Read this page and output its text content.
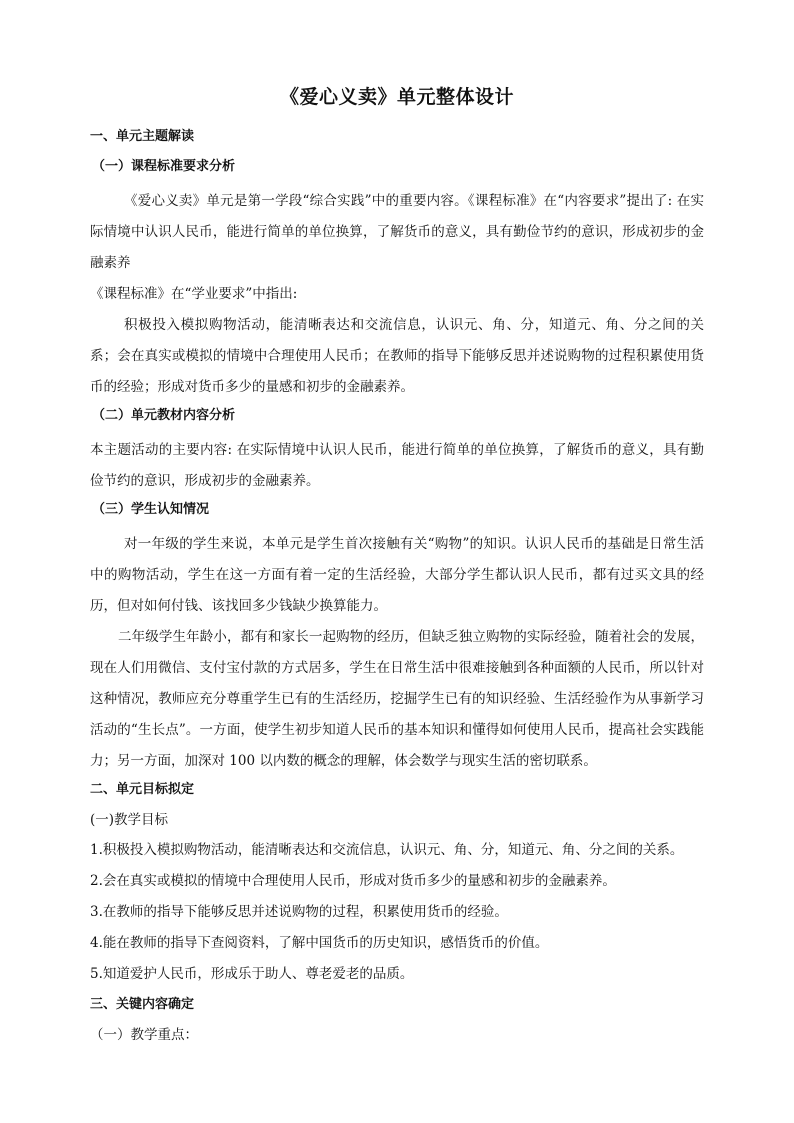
《爱心义卖》单元整体设计
一、单元主题解读
（一）课程标准要求分析

《爱心义卖》单元是第一学段“综合实践”中的重要内容。《课程标准》在“内容要求”提出了: 在实际情境中认识人民币，能进行简单的单位换算，了解货币的意义，具有勤俭节约的意识，形成初步的金融素养

《课程标准》在“学业要求”中指出:

积极投入模拟购物活动，能清晰表达和交流信息，认识元、角、分，知道元、角、分之间的关系；会在真实或模拟的情境中合理使用人民币；在教师的指导下能够反思并述说购物的过程积累使用货币的经验；形成对货币多少的量感和初步的金融素养。

（二）单元教材内容分析

本主题活动的主要内容: 在实际情境中认识人民币，能进行简单的单位换算，了解货币的意义，具有勤俭节约的意识，形成初步的金融素养。

（三）学生认知情况

对一年级的学生来说，本单元是学生首次接触有关“购物”的知识。认识人民币的基础是日常生活中的购物活动，学生在这一方面有着一定的生活经验，大部分学生都认识人民币，都有过买文具的经历，但对如何付钱、该找回多少钱缺少换算能力。

二年级学生年龄小，都有和家长一起购物的经历，但缺乏独立购物的实际经验，随着社会的发展，现在人们用微信、支付宝付款的方式居多，学生在日常生活中很难接触到各种面额的人民币，所以针对这种情况，教师应充分尊重学生已有的生活经历，挖掘学生已有的知识经验、生活经验作为从事新学习活动的“生长点”。一方面，使学生初步知道人民币的基本知识和懂得如何使用人民币，提高社会实践能力；另一方面，加深对 100 以内数的概念的理解，体会数学与现实生活的密切联系。

二、单元目标拟定
(一)教学目标
1.积极投入模拟购物活动，能清晰表达和交流信息，认识元、角、分，知道元、角、分之间的关系。
2.会在真实或模拟的情境中合理使用人民币，形成对货币多少的量感和初步的金融素养。
3.在教师的指导下能够反思并述说购物的过程，积累使用货币的经验。
4.能在教师的指导下查阅资料，了解中国货币的历史知识，感悟货币的价值。
5.知道爱护人民币，形成乐于助人、尊老爱老的品质。
三、关键内容确定
（一）教学重点：
